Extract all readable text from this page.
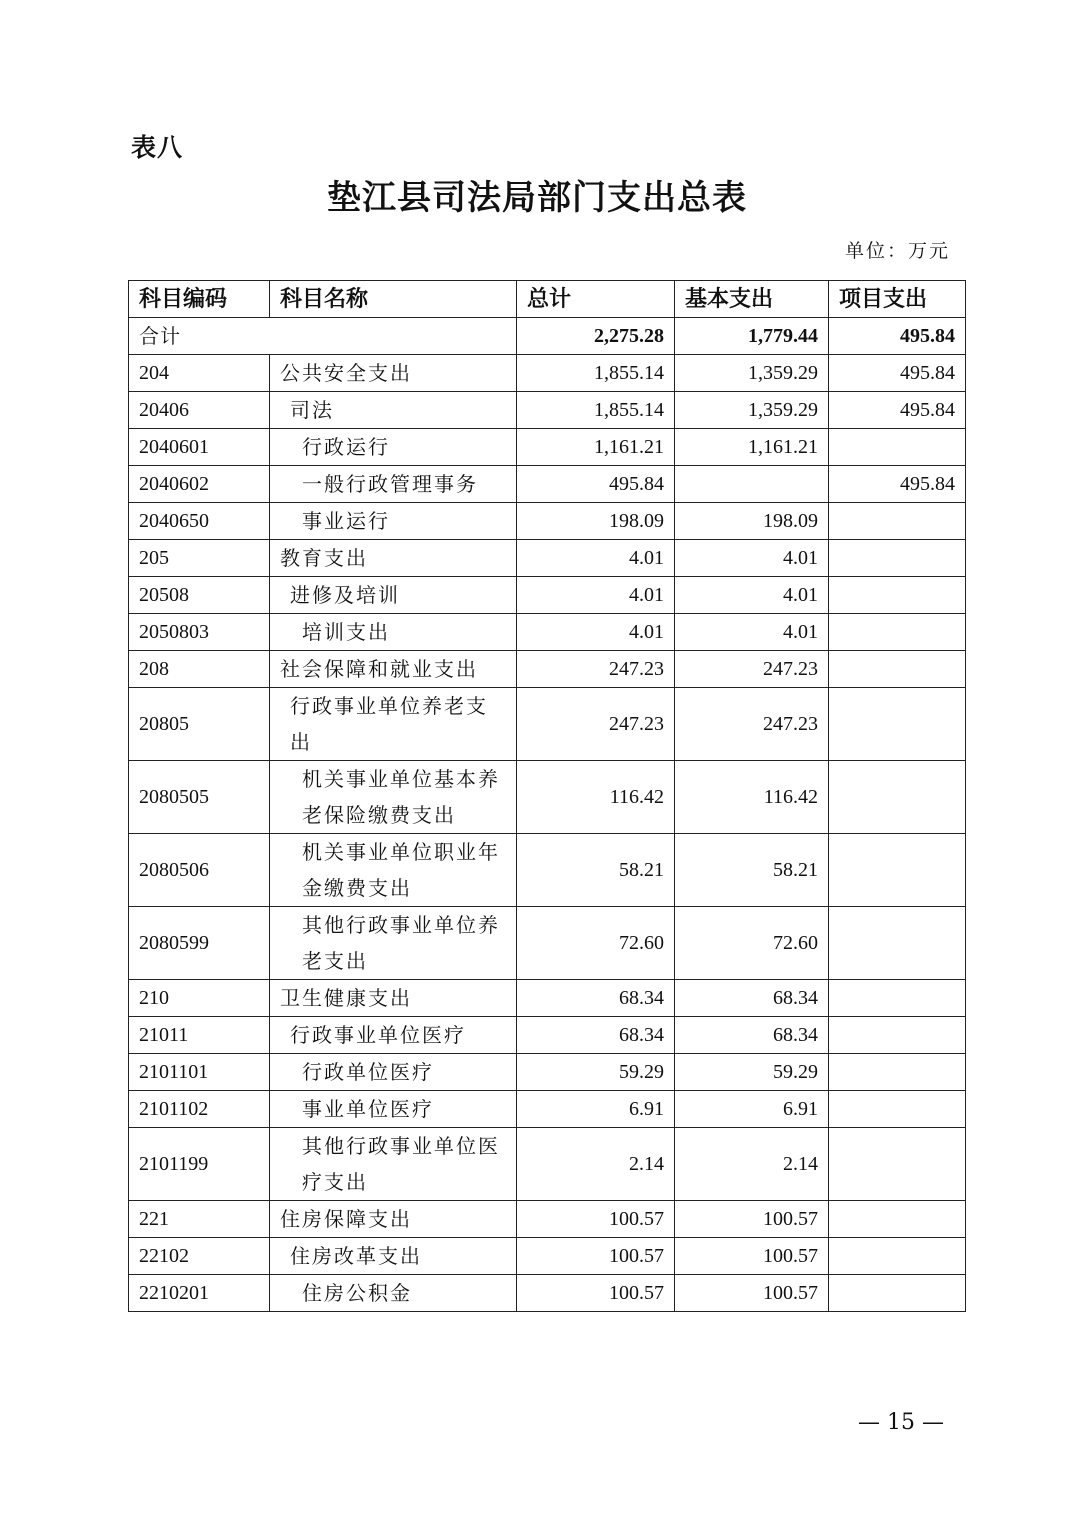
表八
垫江县司法局部门支出总表
单位：万元
科目编码	科目名称	总计	基本支出	项目支出
合计		2,275.28	1,779.44	495.84
204	公共安全支出	1,855.14	1,359.29	495.84
20406	司法	1,855.14	1,359.29	495.84
2040601	行政运行	1,161.21	1,161.21	
2040602	一般行政管理事务	495.84		495.84
2040650	事业运行	198.09	198.09	
205	教育支出	4.01	4.01	
20508	进修及培训	4.01	4.01	
2050803	培训支出	4.01	4.01	
208	社会保障和就业支出	247.23	247.23	
20805	行政事业单位养老支出	247.23	247.23	
2080505	机关事业单位基本养老保险缴费支出	116.42	116.42	
2080506	机关事业单位职业年金缴费支出	58.21	58.21	
2080599	其他行政事业单位养老支出	72.60	72.60	
210	卫生健康支出	68.34	68.34	
21011	行政事业单位医疗	68.34	68.34	
2101101	行政单位医疗	59.29	59.29	
2101102	事业单位医疗	6.91	6.91	
2101199	其他行政事业单位医疗支出	2.14	2.14	
221	住房保障支出	100.57	100.57	
22102	住房改革支出	100.57	100.57	
2210201	住房公积金	100.57	100.57	
— 15 —
